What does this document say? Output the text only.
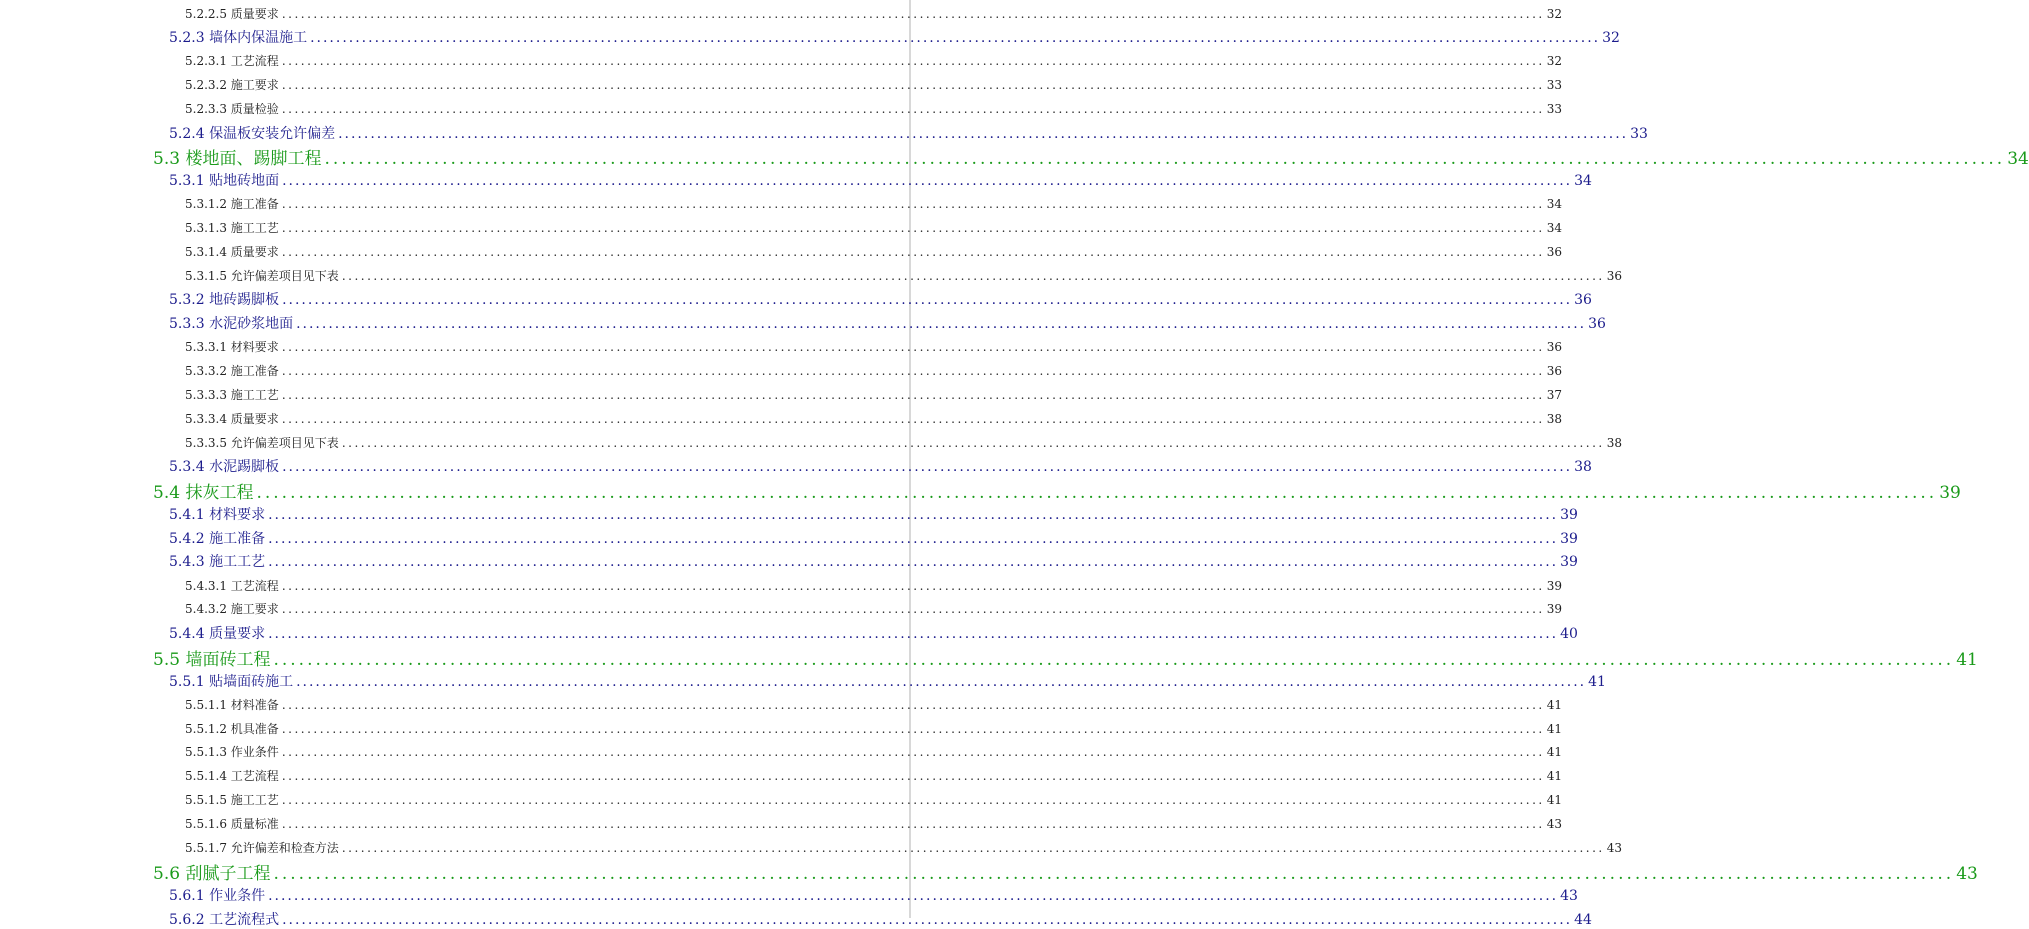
5.2.2.5 质量要求 ........................................................................................................................................................................................................ 32
5.2.3 墙体内保温施工 ........................................................................................................................................................................................................ 32
5.2.3.1 工艺流程 ........................................................................................................................................................................................................ 32
5.2.3.2 施工要求 ........................................................................................................................................................................................................ 33
5.2.3.3 质量检验 ........................................................................................................................................................................................................ 33
5.2.4 保温板安装允许偏差 ........................................................................................................................................................................................................ 33
5.3 楼地面、踢脚工程 ........................................................................................................................................................................................................ 34
5.3.1 贴地砖地面 ........................................................................................................................................................................................................ 34
5.3.1.2 施工准备 ........................................................................................................................................................................................................ 34
5.3.1.3 施工工艺 ........................................................................................................................................................................................................ 34
5.3.1.4 质量要求 ........................................................................................................................................................................................................ 36
5.3.1.5 允许偏差项目见下表 ........................................................................................................................................................................................................ 36
5.3.2 地砖踢脚板 ........................................................................................................................................................................................................ 36
5.3.3 水泥砂浆地面 ........................................................................................................................................................................................................ 36
5.3.3.1 材料要求 ........................................................................................................................................................................................................ 36
5.3.3.2 施工准备 ........................................................................................................................................................................................................ 36
5.3.3.3 施工工艺 ........................................................................................................................................................................................................ 37
5.3.3.4 质量要求 ........................................................................................................................................................................................................ 38
5.3.3.5 允许偏差项目见下表 ........................................................................................................................................................................................................ 38
5.3.4 水泥踢脚板 ........................................................................................................................................................................................................ 38
5.4 抹灰工程 ........................................................................................................................................................................................................ 39
5.4.1 材料要求 ........................................................................................................................................................................................................ 39
5.4.2 施工准备 ........................................................................................................................................................................................................ 39
5.4.3 施工工艺 ........................................................................................................................................................................................................ 39
5.4.3.1 工艺流程 ........................................................................................................................................................................................................ 39
5.4.3.2 施工要求 ........................................................................................................................................................................................................ 39
5.4.4 质量要求 ........................................................................................................................................................................................................ 40
5.5 墙面砖工程 ........................................................................................................................................................................................................ 41
5.5.1 贴墙面砖施工 ........................................................................................................................................................................................................ 41
5.5.1.1 材料准备 ........................................................................................................................................................................................................ 41
5.5.1.2 机具准备 ........................................................................................................................................................................................................ 41
5.5.1.3 作业条件 ........................................................................................................................................................................................................ 41
5.5.1.4 工艺流程 ........................................................................................................................................................................................................ 41
5.5.1.5 施工工艺 ........................................................................................................................................................................................................ 41
5.5.1.6 质量标准 ........................................................................................................................................................................................................ 43
5.5.1.7 允许偏差和检查方法 ........................................................................................................................................................................................................ 43
5.6 刮腻子工程 ........................................................................................................................................................................................................ 43
5.6.1 作业条件 ........................................................................................................................................................................................................ 43
5.6.2 工艺流程式 ........................................................................................................................................................................................................ 44
